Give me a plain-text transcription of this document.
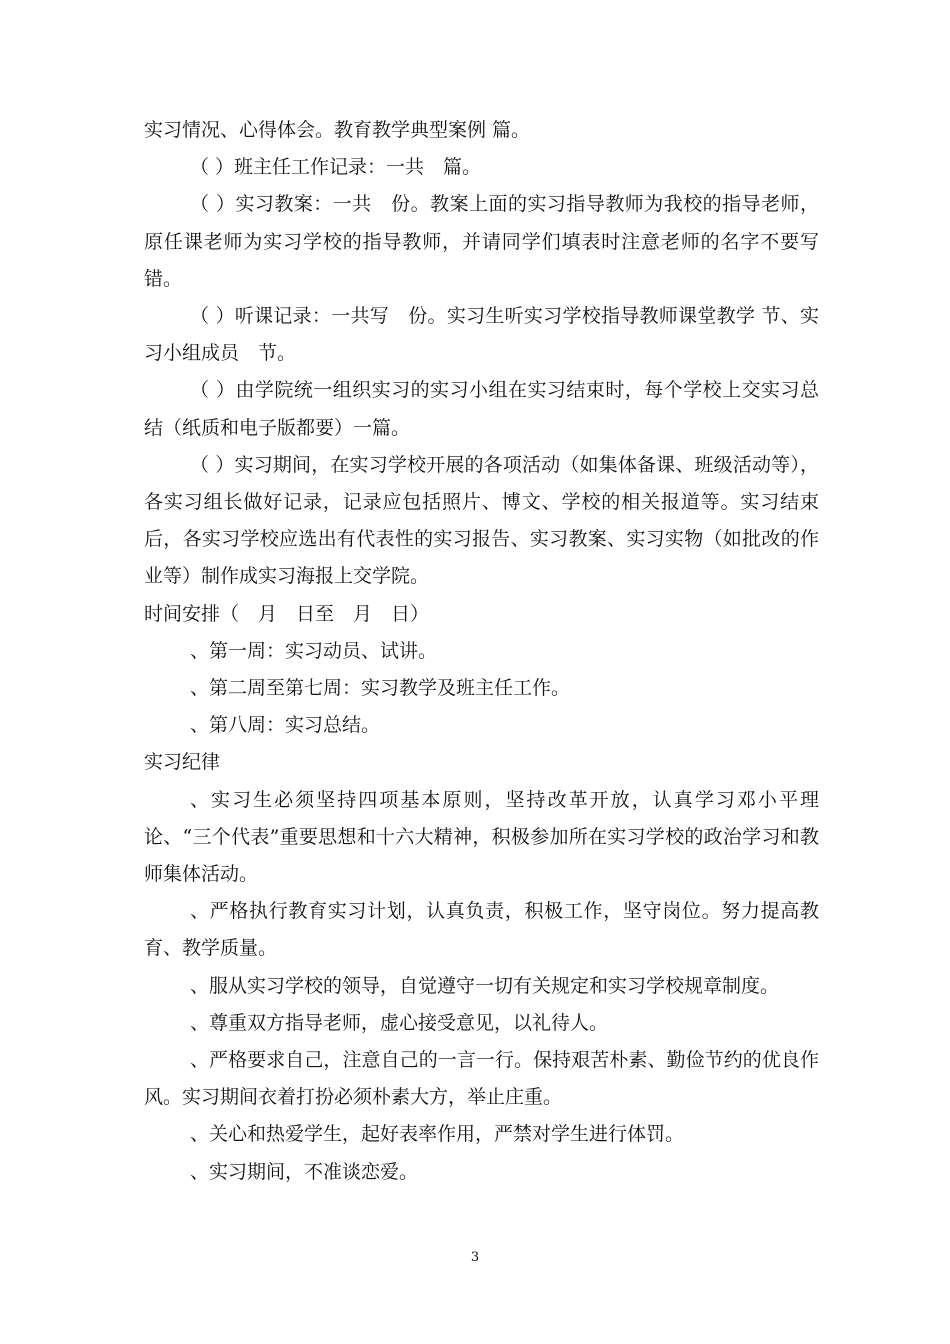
实习情况、心得体会。教育教学典型案例 篇。

（ ）班主任工作记录：一共　篇。

（ ）实习教案：一共　份。教案上面的实习指导教师为我校的指导老师，原任课老师为实习学校的指导教师，并请同学们填表时注意老师的名字不要写错。

（ ）听课记录：一共写　份。实习生听实习学校指导教师课堂教学 节、实习小组成员　节。

（ ）由学院统一组织实习的实习小组在实习结束时，每个学校上交实习总结（纸质和电子版都要）一篇。

（ ）实习期间，在实习学校开展的各项活动（如集体备课、班级活动等），各实习组长做好记录，记录应包括照片、博文、学校的相关报道等。实习结束后，各实习学校应选出有代表性的实习报告、实习教案、实习实物（如批改的作业等）制作成实习海报上交学院。

时间安排（　月　日至　月　日）

、第一周：实习动员、试讲。

、第二周至第七周：实习教学及班主任工作。

、第八周：实习总结。

实习纪律

、实习生必须坚持四项基本原则，坚持改革开放，认真学习邓小平理论、“三个代表”重要思想和十六大精神，积极参加所在实习学校的政治学习和教师集体活动。

、严格执行教育实习计划，认真负责，积极工作，坚守岗位。努力提高教育、教学质量。

、服从实习学校的领导，自觉遵守一切有关规定和实习学校规章制度。

、尊重双方指导老师，虚心接受意见，以礼待人。

、严格要求自己，注意自己的一言一行。保持艰苦朴素、勤俭节约的优良作风。实习期间衣着打扮必须朴素大方，举止庄重。

、关心和热爱学生，起好表率作用，严禁对学生进行体罚。

、实习期间，不准谈恋爱。

3
